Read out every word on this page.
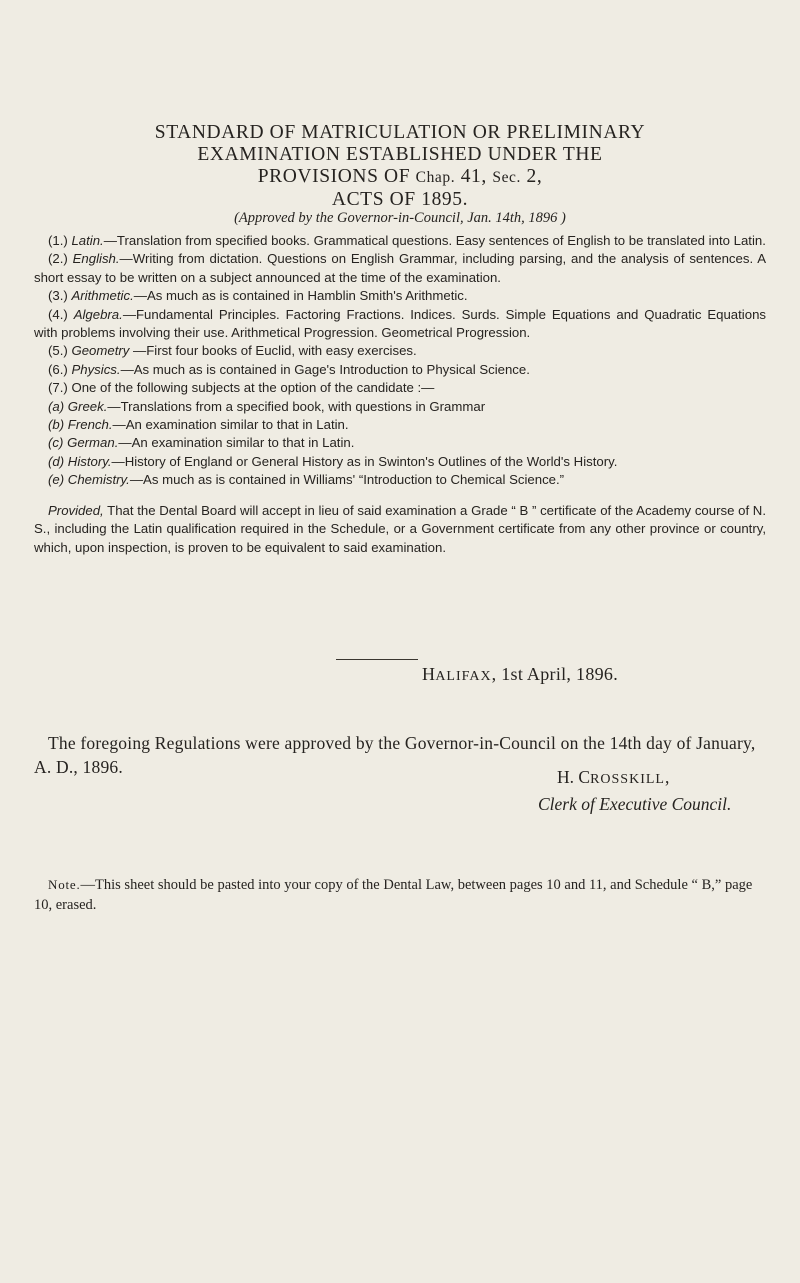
STANDARD OF MATRICULATION OR PRELIMINARY
EXAMINATION ESTABLISHED UNDER THE
PROVISIONS OF Chap. 41, Sec. 2,
ACTS OF 1895.
(Approved by the Governor-in-Council, Jan. 14th, 1896 )

(1.) Latin.—Translation from specified books. Grammatical questions. Easy sentences of English to be translated into Latin.

(2.) English.—Writing from dictation. Questions on English Grammar, including parsing, and the analysis of sentences. A short essay to be written on a subject announced at the time of the examination.

(3.) Arithmetic.—As much as is contained in Hamblin Smith's Arithmetic.

(4.) Algebra.—Fundamental Principles. Factoring Fractions. Indices. Surds. Simple Equations and Quadratic Equations with problems involving their use. Arithmetical Progression. Geometrical Progression.

(5.) Geometry —First four books of Euclid, with easy exercises.

(6.) Physics.—As much as is contained in Gage's Introduction to Physical Science.

(7.) One of the following subjects at the option of the candidate :—

(a) Greek.—Translations from a specified book, with questions in Grammar

(b) French.—An examination similar to that in Latin.

(c) German.—An examination similar to that in Latin.

(d) History.—History of England or General History as in Swinton's Outlines of the World's History.

(e) Chemistry.—As much as is contained in Williams' “Introduction to Chemical Science.”

Provided, That the Dental Board will accept in lieu of said examination a Grade “ B ” certificate of the Academy course of N. S., including the Latin qualification required in the Schedule, or a Government certificate from any other province or country, which, upon inspection, is proven to be equivalent to said examination.

HALIFAX, 1st April, 1896.

The foregoing Regulations were approved by the Governor-in-Council on the 14th day of January, A. D., 1896.

H. CROSSKILL,
Clerk of Executive Council.

Note.—This sheet should be pasted into your copy of the Dental Law, between pages 10 and 11, and Schedule “ B,” page 10, erased.
